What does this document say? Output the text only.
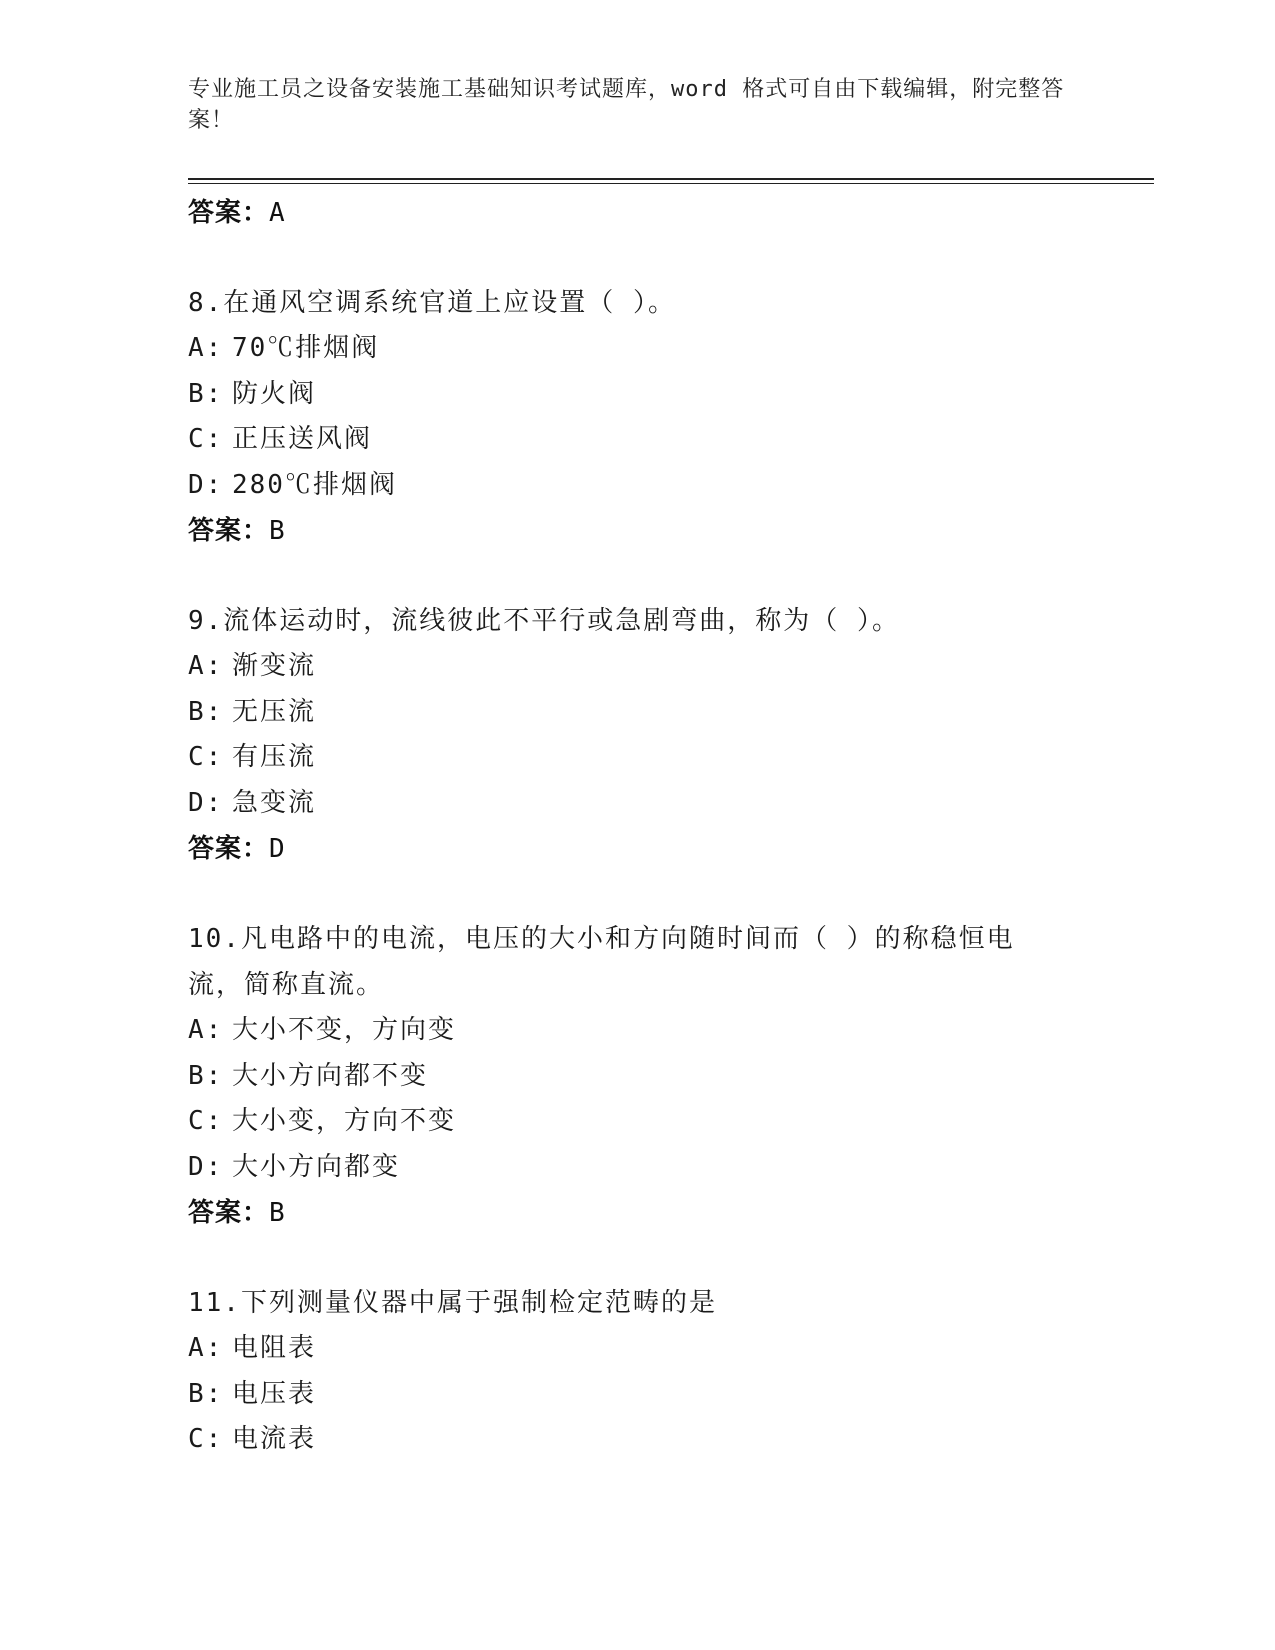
专业施工员之设备安装施工基础知识考试题库，word 格式可自由下载编辑，附完整答案！
答案：A
8.在通风空调系统官道上应设置（ ）。
A: 70℃排烟阀
B: 防火阀
C: 正压送风阀
D: 280℃排烟阀
答案：B
9.流体运动时，流线彼此不平行或急剧弯曲，称为（ ）。
A: 渐变流
B: 无压流
C: 有压流
D: 急变流
答案：D
10.凡电路中的电流，电压的大小和方向随时间而（ ）的称稳恒电流，简称直流。
A: 大小不变，方向变
B: 大小方向都不变
C: 大小变，方向不变
D: 大小方向都变
答案：B
11.下列测量仪器中属于强制检定范畴的是
A: 电阻表
B: 电压表
C: 电流表
